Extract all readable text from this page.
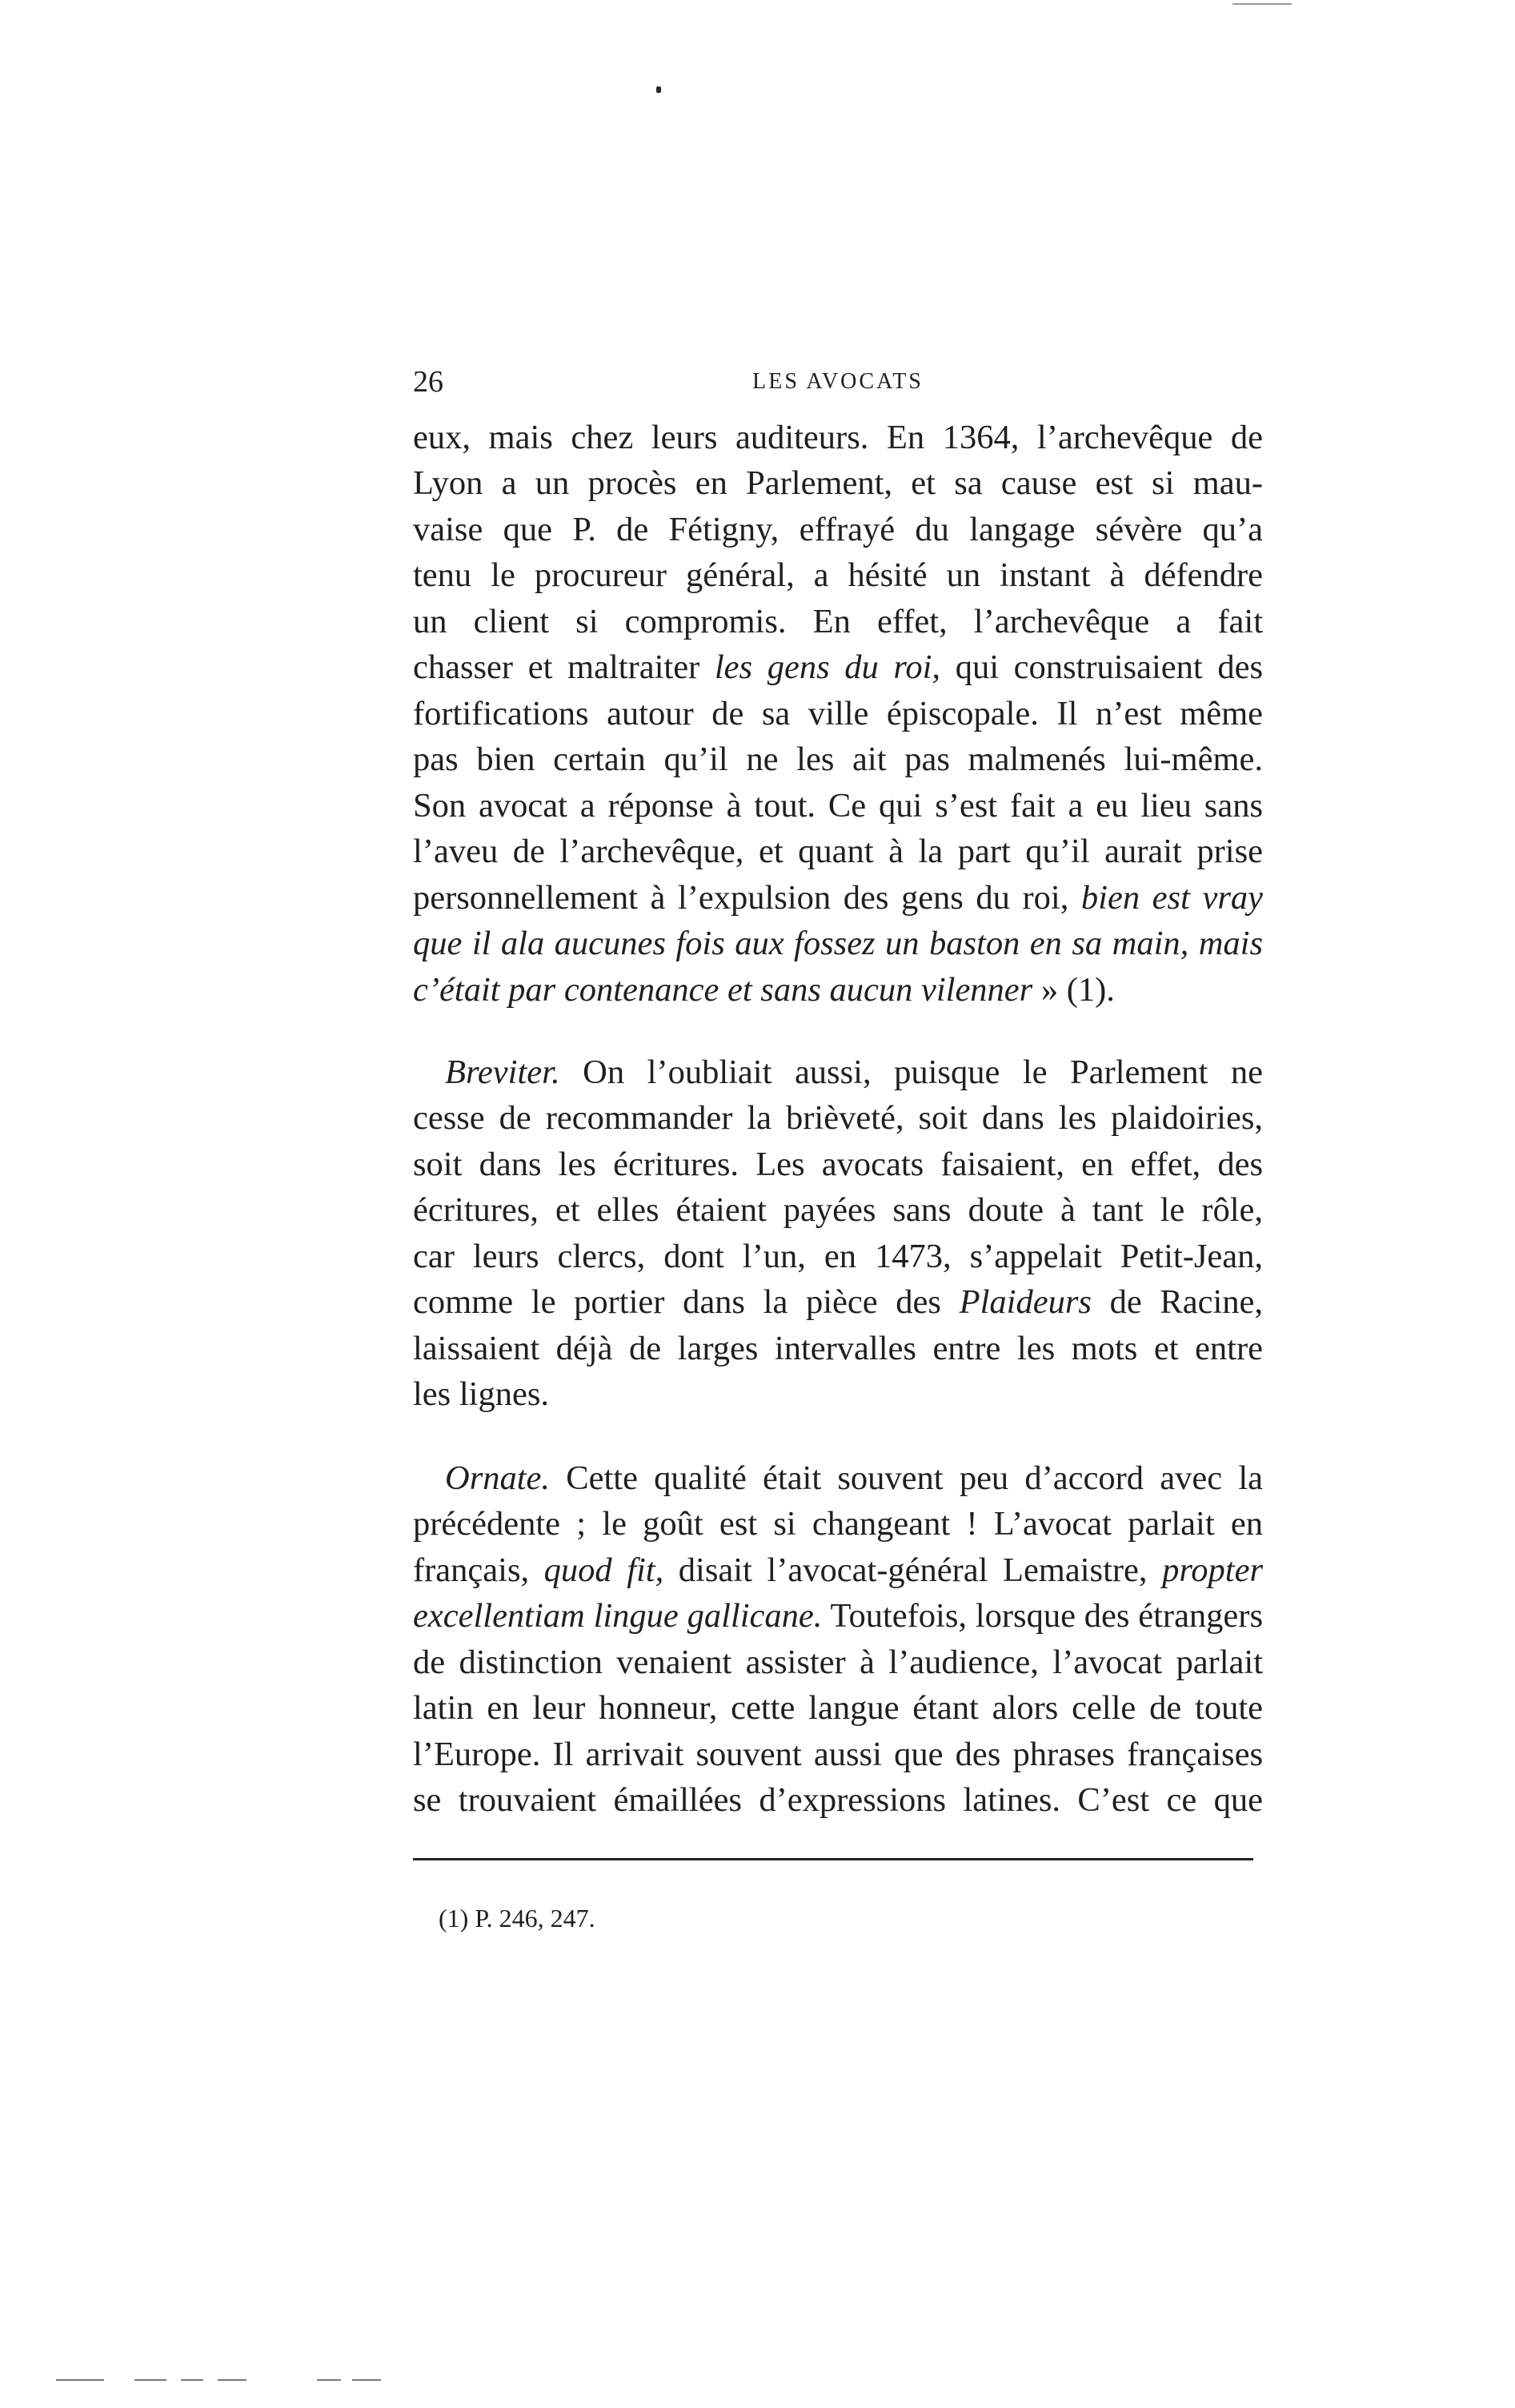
26	LES AVOCATS
eux, mais chez leurs auditeurs. En 1364, l’archevêque de
Lyon a un procès en Parlement, et sa cause est si mau-
vaise que P. de Fétigny, effrayé du langage sévère qu’a
tenu le procureur général, a hésité un instant à défendre
un client si compromis. En effet, l’archevêque a fait
chasser et maltraiter les gens du roi, qui construisaient des
fortifications autour de sa ville épiscopale. Il n’est même
pas bien certain qu’il ne les ait pas malmenés lui-même.
Son avocat a réponse à tout. Ce qui s’est fait a eu lieu sans
l’aveu de l’archevêque, et quant à la part qu’il aurait prise
personnellement à l’expulsion des gens du roi, bien est vray
que il ala aucunes fois aux fossez un baston en sa main, mais
c’était par contenance et sans aucun vilenner » (1).
Breviter. On l’oubliait aussi, puisque le Parlement ne
cesse de recommander la brièveté, soit dans les plaidoiries,
soit dans les écritures. Les avocats faisaient, en effet, des
écritures, et elles étaient payées sans doute à tant le rôle,
car leurs clercs, dont l’un, en 1473, s’appelait Petit-Jean,
comme le portier dans la pièce des Plaideurs de Racine,
laissaient déjà de larges intervalles entre les mots et entre
les lignes.
Ornate. Cette qualité était souvent peu d’accord avec la
précédente ; le goût est si changeant ! L’avocat parlait en
français, quod fit, disait l’avocat-général Lemaistre, propter
excellentiam lingue gallicane. Toutefois, lorsque des étrangers
de distinction venaient assister à l’audience, l’avocat parlait
latin en leur honneur, cette langue étant alors celle de toute
l’Europe. Il arrivait souvent aussi que des phrases françaises
se trouvaient émaillées d’expressions latines. C’est ce que
(1) P. 246, 247.
